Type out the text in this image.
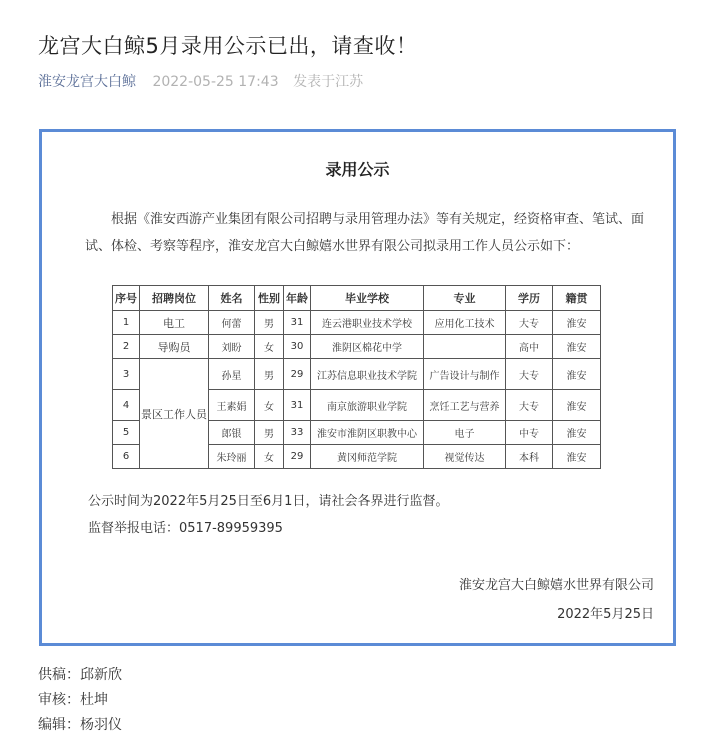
龙宫大白鲸5月录用公示已出，请查收！
淮安龙宫大白鲸 2022-05-25 17:43 发表于江苏
录用公示

根据《淮安西游产业集团有限公司招聘与录用管理办法》等有关规定，经资格审查、笔试、面试、体检、考察等程序，淮安龙宫大白鲸嬉水世界有限公司拟录用工作人员公示如下：

序号	招聘岗位	姓名	性别	年龄	毕业学校	专业	学历	籍贯
1	电工	何蕾	男	31	连云港职业技术学校	应用化工技术	大专	淮安
2	导购员	刘盼	女	30	淮阴区棉花中学		高中	淮安
3	景区工作人员	孙星	男	29	江苏信息职业技术学院	广告设计与制作	大专	淮安
4		王素娟	女	31	南京旅游职业学院	烹饪工艺与营养	大专	淮安
5		郎银	男	33	淮安市淮阴区职教中心	电子	中专	淮安
6		朱玲丽	女	29	黄冈师范学院	视觉传达	本科	淮安

公示时间为2022年5月25日至6月1日，请社会各界进行监督。

监督举报电话：0517-89959395

淮安龙宫大白鲸嬉水世界有限公司
2022年5月25日
供稿：邱新欣
审核：杜坤
编辑：杨羽仪
